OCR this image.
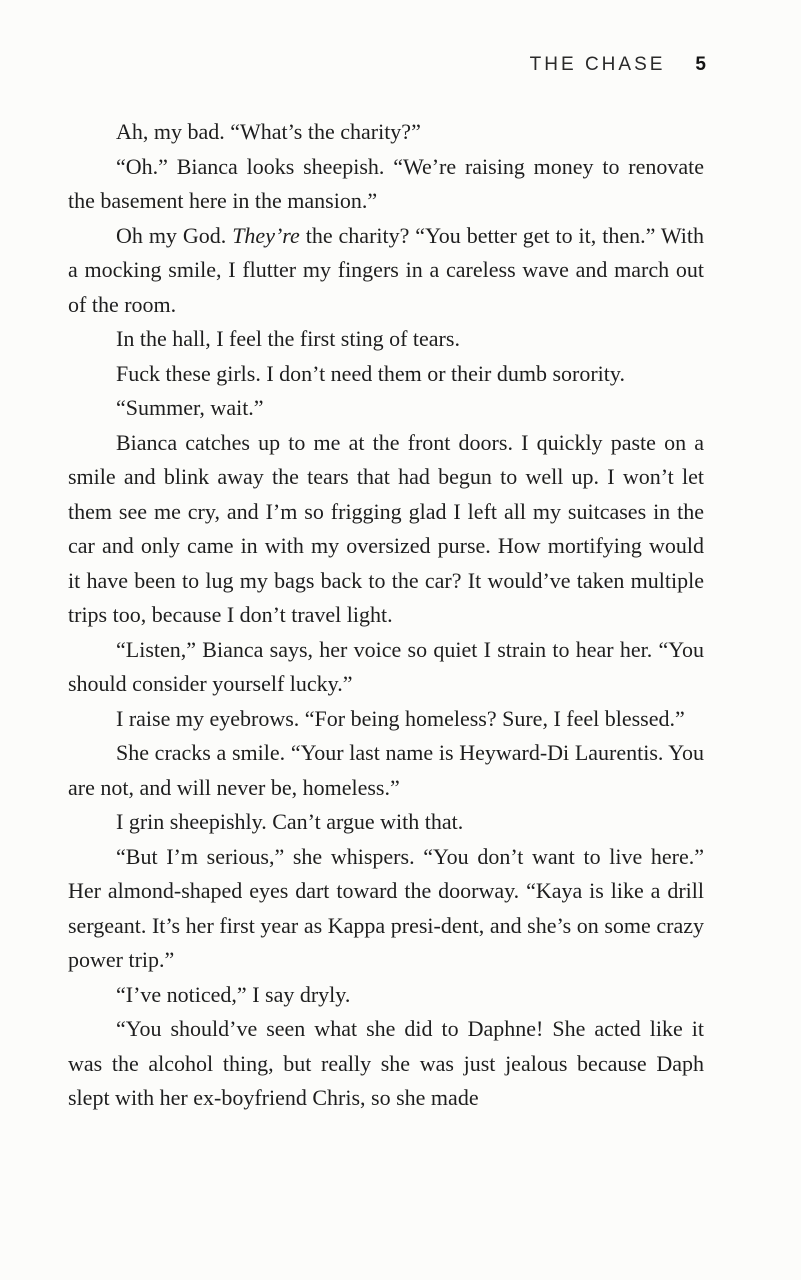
THE CHASE 5

Ah, my bad. “What’s the charity?”

“Oh.” Bianca looks sheepish. “We’re raising money to renovate the basement here in the mansion.”

Oh my God. They’re the charity? “You better get to it, then.” With a mocking smile, I flutter my fingers in a careless wave and march out of the room.

In the hall, I feel the first sting of tears.

Fuck these girls. I don’t need them or their dumb sorority.

“Summer, wait.”

Bianca catches up to me at the front doors. I quickly paste on a smile and blink away the tears that had begun to well up. I won’t let them see me cry, and I’m so frigging glad I left all my suitcases in the car and only came in with my oversized purse. How mortifying would it have been to lug my bags back to the car? It would’ve taken multiple trips too, because I don’t travel light.

“Listen,” Bianca says, her voice so quiet I strain to hear her. “You should consider yourself lucky.”

I raise my eyebrows. “For being homeless? Sure, I feel blessed.”

She cracks a smile. “Your last name is Heyward-Di Laurentis. You are not, and will never be, homeless.”

I grin sheepishly. Can’t argue with that.

“But I’m serious,” she whispers. “You don’t want to live here.” Her almond-shaped eyes dart toward the doorway. “Kaya is like a drill sergeant. It’s her first year as Kappa presi-dent, and she’s on some crazy power trip.”

“I’ve noticed,” I say dryly.

“You should’ve seen what she did to Daphne! She acted like it was the alcohol thing, but really she was just jealous because Daph slept with her ex-boyfriend Chris, so she made
